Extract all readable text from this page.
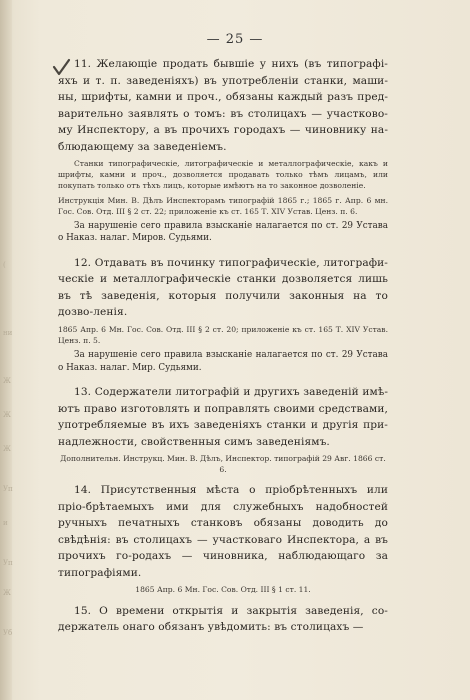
(
ни
Ж
Ж
Ж
Уп
и
Уп
Ж
Уб
— 25 —

11. Желающіе продать бывшіе у нихъ (въ типографі-яхъ и т. п. заведеніяхъ) въ употребленіи станки, маши-ны, шрифты, камни и проч., обязаны каждый разъ пред-варительно заявлять о томъ: въ столицахъ — участково-му Инспектору, а въ прочихъ городахъ — чиновнику на-блюдающему за заведеніемъ.

Станки типографическіе, литографическіе и металлографическіе, какъ и шрифты, камни и проч., дозволяется продавать только тѣмъ лицамъ, или покупать только отъ тѣхъ лицъ, которые имѣютъ на то законное дозволеніе.

Инструкція Мин. В. Дѣлъ Инспекторамъ типографій 1865 г.; 1865 г. Апр. 6 мн. Гос. Сов. Отд. III § 2 ст. 22; приложеніе къ ст. 165 Т. XIV Устав. Ценз. п. 6.

За нарушеніе сего правила взысканіе налагается по ст. 29 Устава о Наказ. налаг. Миров. Судьями.

12. Отдавать въ починку типографическіе, литографи-ческіе и металлографическіе станки дозволяется лишь въ тѣ заведенія, которыя получили законныя на то дозво-ленія.

1865 Апр. 6 Мн. Гос. Сов. Отд. III § 2 ст. 20; приложеніе къ ст. 165 Т. XIV Устав. Ценз. п. 5.

За нарушеніе сего правила взысканіе налагается по ст. 29 Устава о Наказ. налаг. Мир. Судьями.

13. Содержатели литографій и другихъ заведеній имѣ-ютъ право изготовлять и поправлять своими средствами, употребляемые въ ихъ заведеніяхъ станки и другія при-надлежности, свойственныя симъ заведеніямъ.

Дополнительн. Инструкц. Мин. В. Дѣлъ, Инспектор. типографій 29 Авг. 1866 ст. 6.

14. Присутственныя мѣста о пріобрѣтенныхъ или пріо-брѣтаемыхъ ими для служебныхъ надобностей ручныхъ печатныхъ станковъ обязаны доводить до свѣдѣнія: въ столицахъ — участковаго Инспектора, а въ прочихъ го-родахъ — чиновника, наблюдающаго за типографіями.

1865 Апр. 6 Мн. Гос. Сов. Отд. III § 1 ст. 11.

15. О времени открытія и закрытія заведенія, со-держатель онаго обязанъ увѣдомить: въ столицахъ —
